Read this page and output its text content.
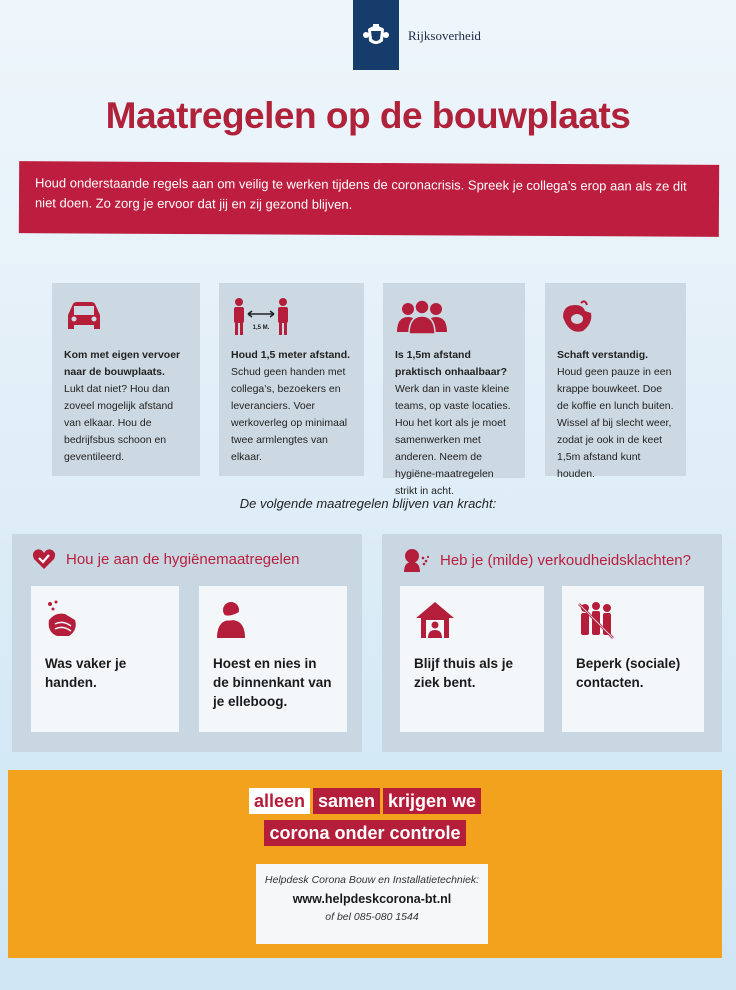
Rijksoverheid
Maatregelen op de bouwplaats
Houd onderstaande regels aan om veilig te werken tijdens de coronacrisis. Spreek je collega’s erop aan als ze dit niet doen. Zo zorg je ervoor dat jij en zij gezond blijven.
Kom met eigen vervoer naar de bouwplaats.
Lukt dat niet? Hou dan zoveel mogelijk afstand van elkaar. Hou de bedrijfsbus schoon en geventileerd.
1,5 M.
Houd 1,5 meter afstand.
Schud geen handen met collega’s, bezoekers en leveranciers. Voer werkoverleg op minimaal twee armlengtes van elkaar.
Is 1,5m afstand praktisch onhaalbaar?
Werk dan in vaste kleine teams, op vaste locaties. Hou het kort als je moet samenwerken met anderen. Neem de hygiëne-maatregelen strikt in acht.
Schaft verstandig.
Houd geen pauze in een krappe bouwkeet. Doe de koffie en lunch buiten. Wissel af bij slecht weer, zodat je ook in de keet 1,5m afstand kunt houden.
De volgende maatregelen blijven van kracht:
Hou je aan de hygiënemaatregelen
Was vaker je handen.
Hoest en nies in de binnenkant van je elleboog.
Heb je (milde) verkoudheidsklachten?
Blijf thuis als je ziek bent.
Beperk (sociale) contacten.
alleen samen krijgen we
corona onder controle
Helpdesk Corona Bouw en Installatietechniek:
www.helpdeskcorona-bt.nl
of bel 085-080 1544
